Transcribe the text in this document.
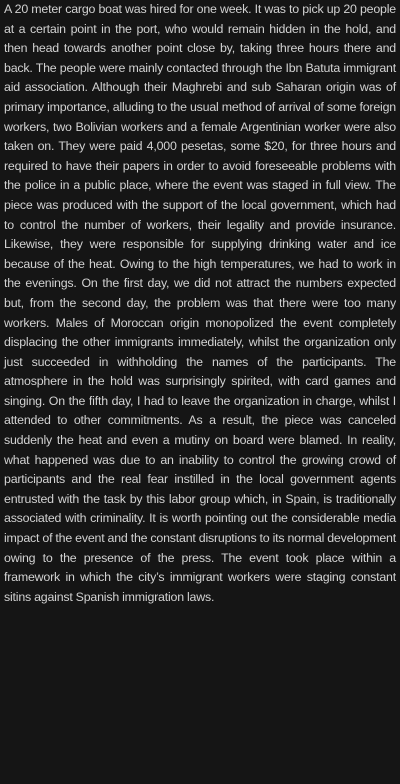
A 20 meter cargo boat was hired for one week. It was to pick up 20 people at a certain point in the port, who would remain hidden in the hold, and then head towards another point close by, taking three hours there and back. The people were mainly contacted through the Ibn Batuta immigrant aid association. Although their Maghrebi and sub Saharan origin was of primary importance, alluding to the usual method of arrival of some foreign workers, two Bolivian workers and a female Argentinian worker were also taken on. They were paid 4,000 pesetas, some $20, for three hours and required to have their papers in order to avoid foreseeable problems with the police in a public place, where the event was staged in full view. The piece was produced with the support of the local government, which had to control the number of workers, their legality and provide insurance. Likewise, they were responsible for supplying drinking water and ice because of the heat. Owing to the high temperatures, we had to work in the evenings. On the first day, we did not attract the numbers expected but, from the second day, the problem was that there were too many workers. Males of Moroccan origin monopolized the event completely displacing the other immigrants immediately, whilst the organization only just succeeded in withholding the names of the participants. The atmosphere in the hold was surprisingly spirited, with card games and singing. On the fifth day, I had to leave the organization in charge, whilst I attended to other commitments. As a result, the piece was canceled suddenly the heat and even a mutiny on board were blamed. In reality, what happened was due to an inability to control the growing crowd of participants and the real fear instilled in the local government agents entrusted with the task by this labor group which, in Spain, is traditionally associated with criminality. It is worth pointing out the considerable media impact of the event and the constant disruptions to its normal development owing to the presence of the press. The event took place within a framework in which the city’s immigrant workers were staging constant sitins against Spanish immigration laws.
